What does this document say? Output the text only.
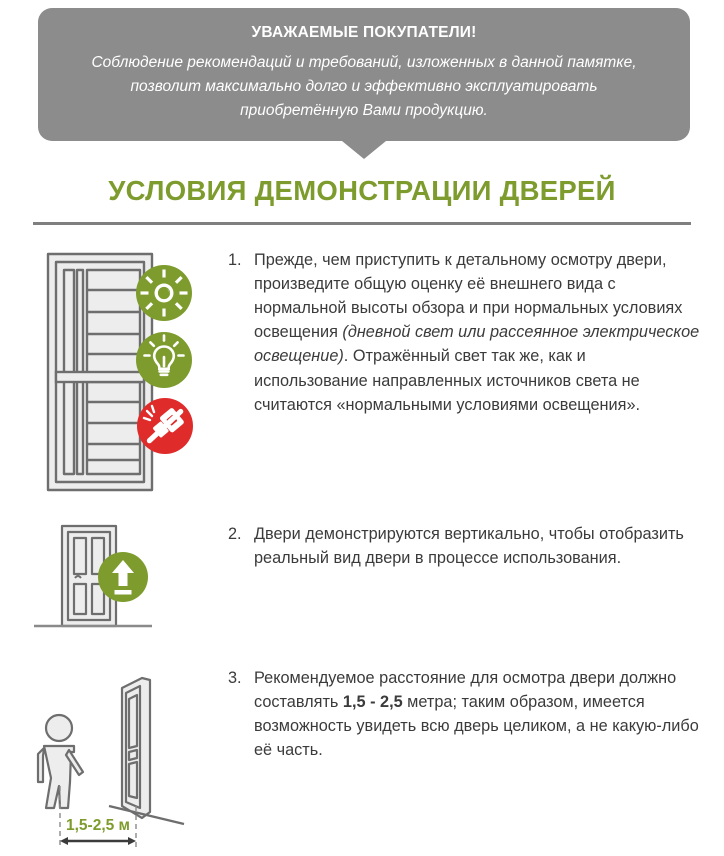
УВАЖАЕМЫЕ ПОКУПАТЕЛИ!
Соблюдение рекомендаций и требований, изложенных в данной памятке,
позволит максимально долго и эффективно эксплуатировать
приобретённую Вами продукцию.
УСЛОВИЯ ДЕМОНСТРАЦИИ ДВЕРЕЙ
1. Прежде, чем приступить к детальному осмотру двери, произведите общую оценку её внешнего вида с нормальной высоты обзора и при нормальных условиях освещения (дневной свет или рассеянное электрическое освещение). Отражённый свет так же, как и использование направленных источников света не считаются «нормальными условиями освещения».
2. Двери демонстрируются вертикально, чтобы отобразить реальный вид двери в процессе использования.
1,5-2,5 м
3. Рекомендуемое расстояние для осмотра двери должно составлять 1,5 - 2,5 метра; таким образом, имеется возможность увидеть всю дверь целиком, а не какую-либо её часть.
